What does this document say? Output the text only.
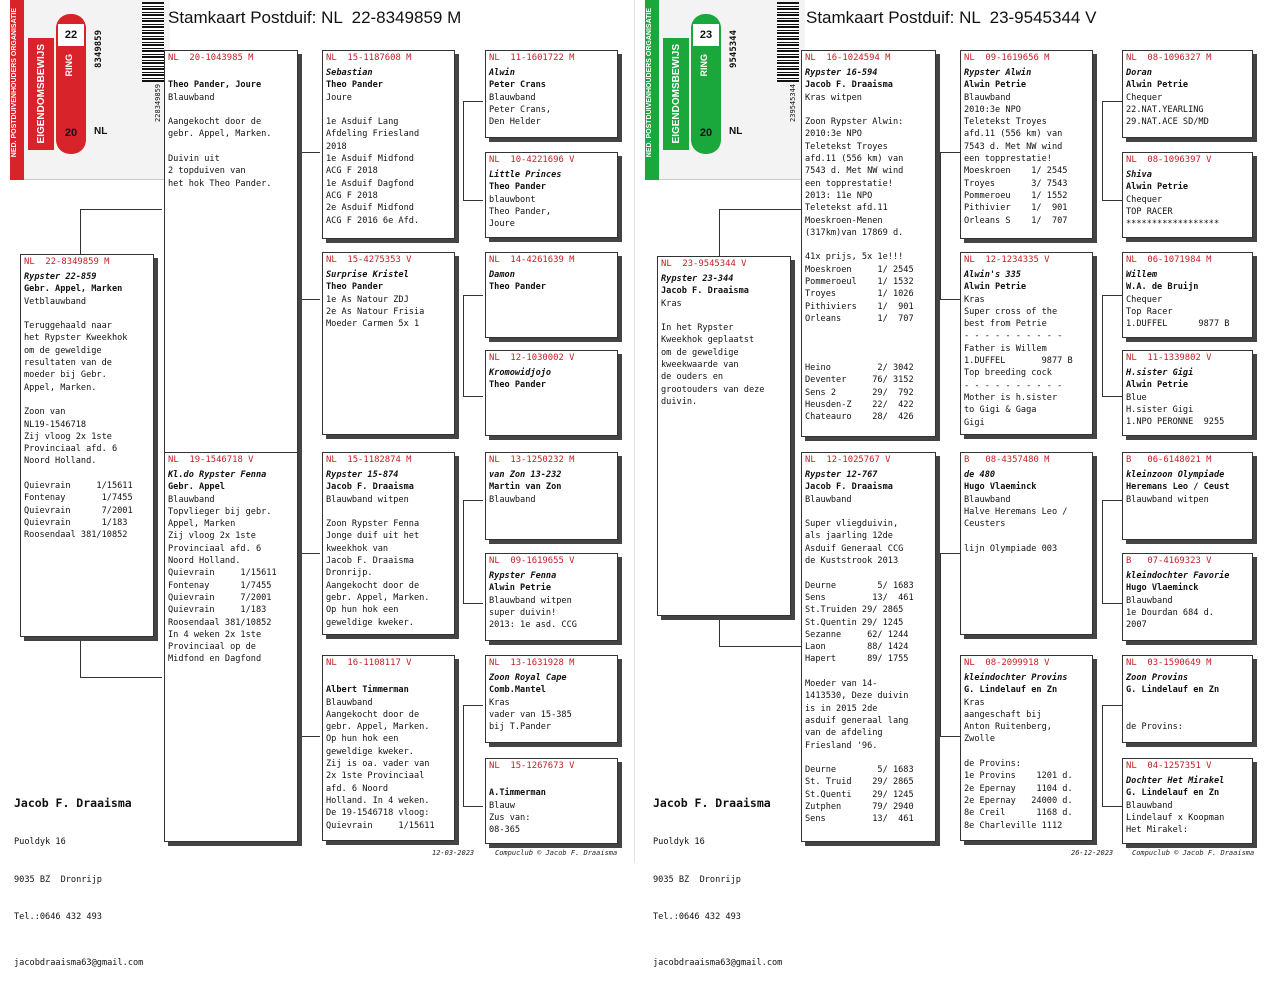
NED. POSTDUIVENHOUDERS ORGANISATIE EIGENDOMSBEWIJS
22
20
RING 8349859
NL
228349859
Stamkaart Postduif: NL  22-8349859 M
NL  22-8349859 M
Rypster 22-859
Gebr. Appel, Marken
Vetblauwband
Teruggehaald naar
het Rypster Kweekhok
om de geweldige
resultaten van de
moeder bij Gebr.
Appel, Marken.
Zoon van
NL19-1546718
Zij vloog 2x 1ste
Provinciaal afd. 6
Noord Holland.
Quievrain     1/15611
Fontenay       1/7455
Quievrain      7/2001
Quievrain      1/183
Roosendaal 381/10852
NL  20-1043985 M
Theo Pander, Joure
Blauwband
Aangekocht door de
gebr. Appel, Marken.
Duivin uit
2 topduiven van
het hok Theo Pander.
NL  19-1546718 V
Kl.do Rypster Fenna
Gebr. Appel
Blauwband
Topvlieger bij gebr.
Appel, Marken
Zij vloog 2x 1ste
Provinciaal afd. 6
Noord Holland.
Quievrain     1/15611
Fontenay      1/7455
Quievrain     7/2001
Quievrain     1/183
Roosendaal 381/10852
In 4 weken 2x 1ste
Provinciaal op de
Midfond en Dagfond
NL  15-1187608 M
Sebastian
Theo Pander
Joure
1e Asduif Lang
Afdeling Friesland
2018
1e Asduif Midfond
ACG F 2018
1e Asduif Dagfond
ACG F 2018
2e Asduif Midfond
ACG F 2016 6e Afd.
NL  15-4275353 V
Surprise Kristel
Theo Pander
1e As Natour ZDJ
2e As Natour Frisia
Moeder Carmen 5x 1
NL  15-1182874 M
Rypster 15-874
Jacob F. Draaisma
Blauwband witpen
Zoon Rypster Fenna
Jonge duif uit het
kweekhok van
Jacob F. Draaisma
Dronrijp.
Aangekocht door de
gebr. Appel, Marken.
Op hun hok een
geweldige kweker.
NL  16-1108117 V
Albert Timmerman
Blauwband
Aangekocht door de
gebr. Appel, Marken.
Op hun hok een
geweldige kweker.
Zij is oa. vader van
2x 1ste Provinciaal
afd. 6 Noord
Holland. In 4 weken.
De 19-1546718 vloog:
Quievrain     1/15611
NL  11-1601722 M
Alwin
Peter Crans
Blauwband
Peter Crans,
Den Helder
NL  10-4221696 V
Little Princes
Theo Pander
blauwbont
Theo Pander,
Joure
NL  14-4261639 M
Damon
Theo Pander
NL  12-1030002 V
Kromowidjojo
Theo Pander
NL  13-1250232 M
van Zon 13-232
Martin van Zon
Blauwband
NL  09-1619655 V
Rypster Fenna
Alwin Petrie
Blauwband witpen
super duivin!
2013: 1e asd. CCG
NL  13-1631928 M
Zoon Royal Cape
Comb.Mantel
Kras
vader van 15-385
bij T.Pander
NL  15-1267673 V
A.Timmerman
Blauw
Zus van:
08-365

Jacob F. Draaisma

Puoldyk 16

9035 BZ  Dronrijp

Tel.:0646 432 493

jacobdraaisma63@gmail.com

12-03-2023	Compuclub © Jacob F. Draaisma
NED. POSTDUIVENHOUDERS ORGANISATIE EIGENDOMSBEWIJS
23
20
RING 9545344
NL
239545344
Stamkaart Postduif: NL  23-9545344 V
NL  23-9545344 V
Rypster 23-344
Jacob F. Draaisma
Kras
In het Rypster
Kweekhok geplaatst
om de geweldige
kweekwaarde van
de ouders en
grootouders van deze
duivin.
NL  16-1024594 M
Rypster 16-594
Jacob F. Draaisma
Kras witpen
Zoon Rypster Alwin:
2010:3e NPO
Teletekst Troyes
afd.11 (556 km) van
7543 d. Met NW wind
een topprestatie!
2013: 11e NPO
Teletekst afd.11
Moeskroen-Menen
(317km)van 17869 d.
41x prijs, 5x 1e!!!
Moeskroen     1/ 2545
Pommeroeul    1/ 1532
Troyes        1/ 1026
Pithiviers    1/  901
Orleans       1/  707
Heino         2/ 3042
Deventer     76/ 3152
Sens 2       29/  792
Heusden-Z    22/  422
Chateauro    28/  426
NL  12-1025767 V
Rypster 12-767
Jacob F. Draaisma
Blauwband
Super vliegduivin,
als jaarling 12de
Asduif Generaal CCG
de Kuststrook 2013
Deurne        5/ 1683
Sens         13/  461
St.Truiden 29/ 2865
St.Quentin 29/ 1245
Sezanne     62/ 1244
Laon        88/ 1424
Hapert      89/ 1755
Moeder van 14-
1413530, Deze duivin
is in 2015 2de
asduif generaal lang
van de afdeling
Friesland '96.
Deurne        5/ 1683
St. Truid    29/ 2865
St.Quenti    29/ 1245
Zutphen      79/ 2940
Sens         13/  461
NL  09-1619656 M
Rypster Alwin
Alwin Petrie
Blauwband
2010:3e NPO
Teletekst Troyes
afd.11 (556 km) van
7543 d. Met NW wind
een topprestatie!
Moeskroen    1/ 2545
Troyes       3/ 7543
Pommeroeu    1/ 1552
Pithivier    1/  901
Orleans S    1/  707
NL  12-1234335 V
Alwin's 335
Alwin Petrie
Kras
Super cross of the
best from Petrie
- - - - - - - - - -
Father is Willem
1.DUFFEL       9877 B
Top breeding cock
- - - - - - - - - -
Mother is h.sister
to Gigi & Gaga
Gigi
B   08-4357480 M
de 480
Hugo Vlaeminck
Blauwband
Halve Heremans Leo /
Ceusters
lijn Olympiade 003
NL  08-2099918 V
kleindochter Provins
G. Lindelauf en Zn
Kras
aangeschaft bij
Anton Ruitenberg,
Zwolle
de Provins:
1e Provins    1201 d.
2e Epernay    1104 d.
2e Epernay   24000 d.
8e Creil      1168 d.
8e Charleville 1112
NL  08-1096327 M
Doran
Alwin Petrie
Chequer
22.NAT.YEARLING
29.NAT.ACE SD/MD
NL  08-1096397 V
Shiva
Alwin Petrie
Chequer
TOP RACER
******************
NL  06-1071984 M
Willem
W.A. de Bruijn
Chequer
Top Racer
1.DUFFEL      9877 B
NL  11-1339802 V
H.sister Gigi
Alwin Petrie
Blue
H.sister Gigi
1.NPO PERONNE  9255
B   06-6148021 M
kleinzoon Olympiade
Heremans Leo / Ceust
Blauwband witpen
B   07-4169323 V
kleindochter Favorie
Hugo Vlaeminck
Blauwband
1e Dourdan 684 d.
2007
NL  03-1590649 M
Zoon Provins
G. Lindelauf en Zn
de Provins:
NL  04-1257351 V
Dochter Het Mirakel
G. Lindelauf en Zn
Blauwband
Lindelauf x Koopman
Het Mirakel:

Jacob F. Draaisma

Puoldyk 16

9035 BZ  Dronrijp

Tel.:0646 432 493

jacobdraaisma63@gmail.com

26-12-2023	Compuclub © Jacob F. Draaisma
